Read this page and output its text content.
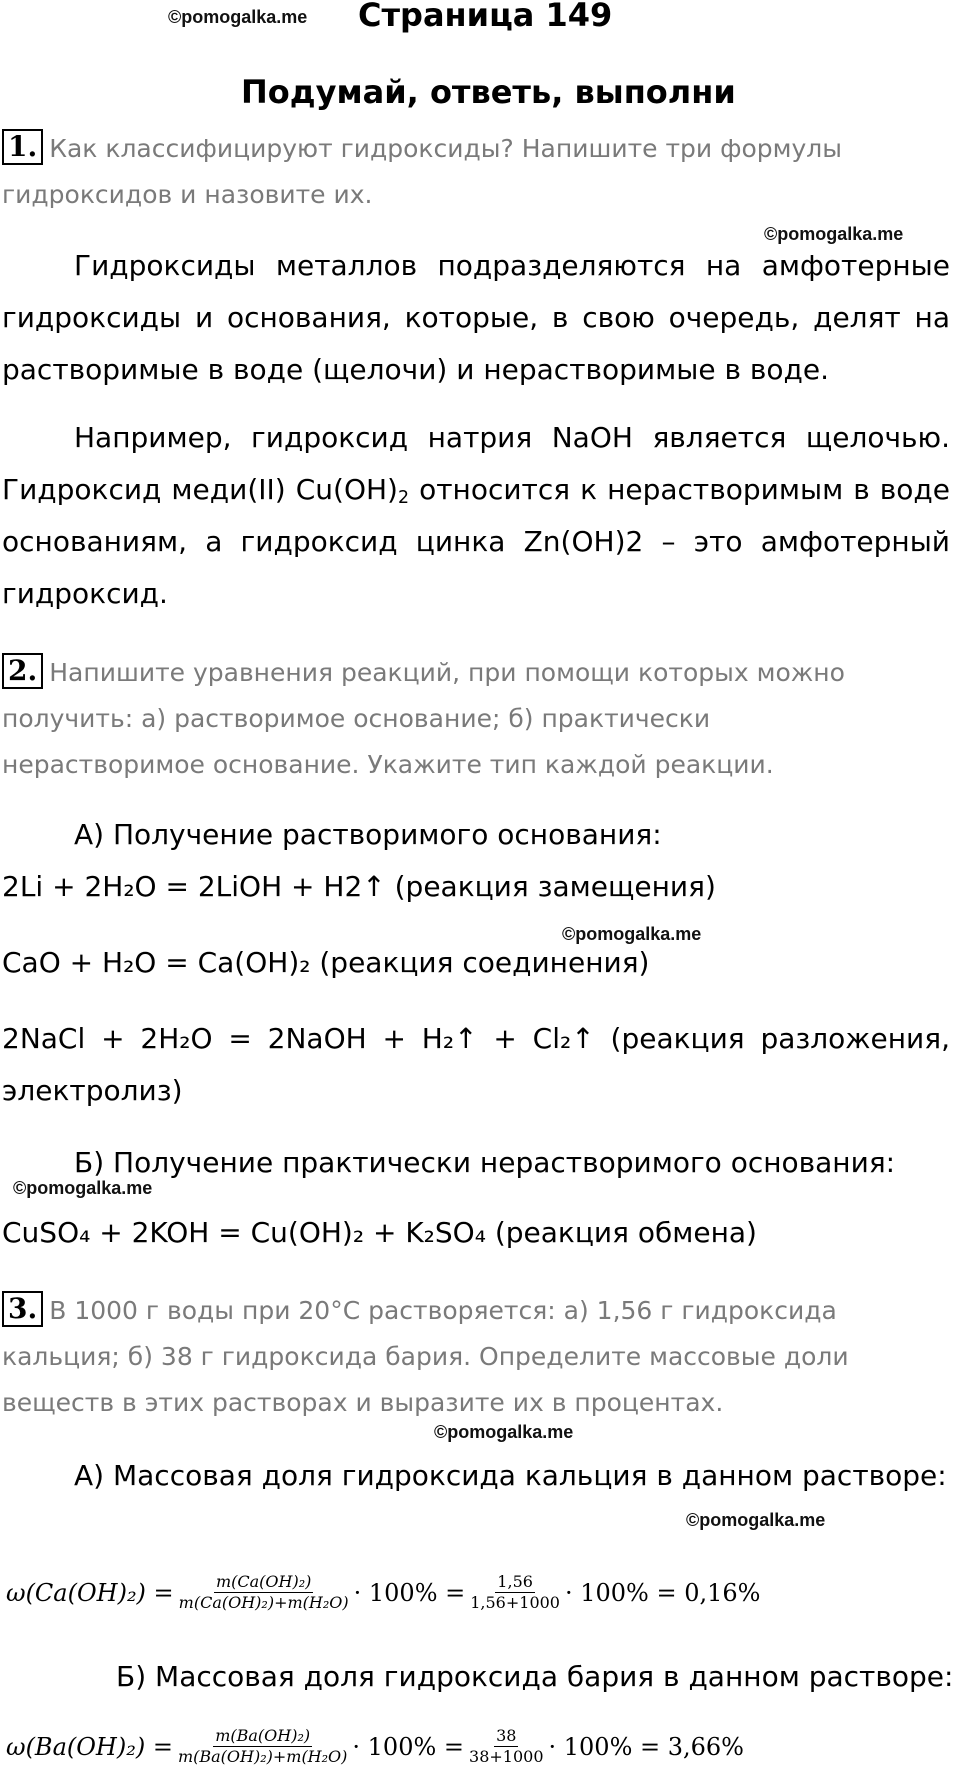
©pomogalka.me Страница 149
Подумай, ответь, выполни
1. Как классифицируют гидроксиды? Напишите три формулы
гидроксидов и назовите их.
©pomogalka.me
Гидроксиды металлов подразделяются на амфотерные гидроксиды и основания, которые, в свою очередь, делят на растворимые в воде (щелочи) и нерастворимые в воде.
Например, гидроксид натрия NaOH является щелочью. Гидроксид меди(II) $Cu(OH)_2$ относится к нерастворимым в воде основаниям, а гидроксид цинка Zn(OH)2 – это амфотерный гидроксид.
2. Напишите уравнения реакций, при помощи которых можно
получить: а) растворимое основание; б) практически
нерастворимое основание. Укажите тип каждой реакции.
А) Получение растворимого основания:
2Li + 2H₂O = 2LiOH + H2↑ (реакция замещения)
©pomogalka.me
CaO + H₂O = Ca(OH)₂ (реакция соединения)
2NaCl + 2H₂O = 2NaOH + H₂↑ + Cl₂↑ (реакция разложения, электролиз)
Б) Получение практически нерастворимого основания:
©pomogalka.me
CuSO₄ + 2KOH = Cu(OH)₂ + K₂SO₄ (реакция обмена)
3. В 1000 г воды при 20°C растворяется: а) 1,56 г гидроксида
кальция; б) 38 г гидроксида бария. Определите массовые доли
веществ в этих растворах и выразите их в процентах.
©pomogalka.me
А) Массовая доля гидроксида кальция в данном растворе:
©pomogalka.me
$\omega(Ca(OH)_2) = \frac{\text{m(Ca(OH)₂)}}{\text{m(Ca(OH)₂)+m(H₂O)}} \cdot 100\% = \frac{1,56}{1,56+1000} \cdot 100\% = 0,16\%$
Б) Массовая доля гидроксида бария в данном растворе:
$\omega(Ba(OH)_2) = \frac{\text{m(Ba(OH)₂)}}{\text{m(Ba(OH)₂)+m(H₂O)}} \cdot 100\% = \frac{38}{38+1000} \cdot 100\% = 3,66\%$
